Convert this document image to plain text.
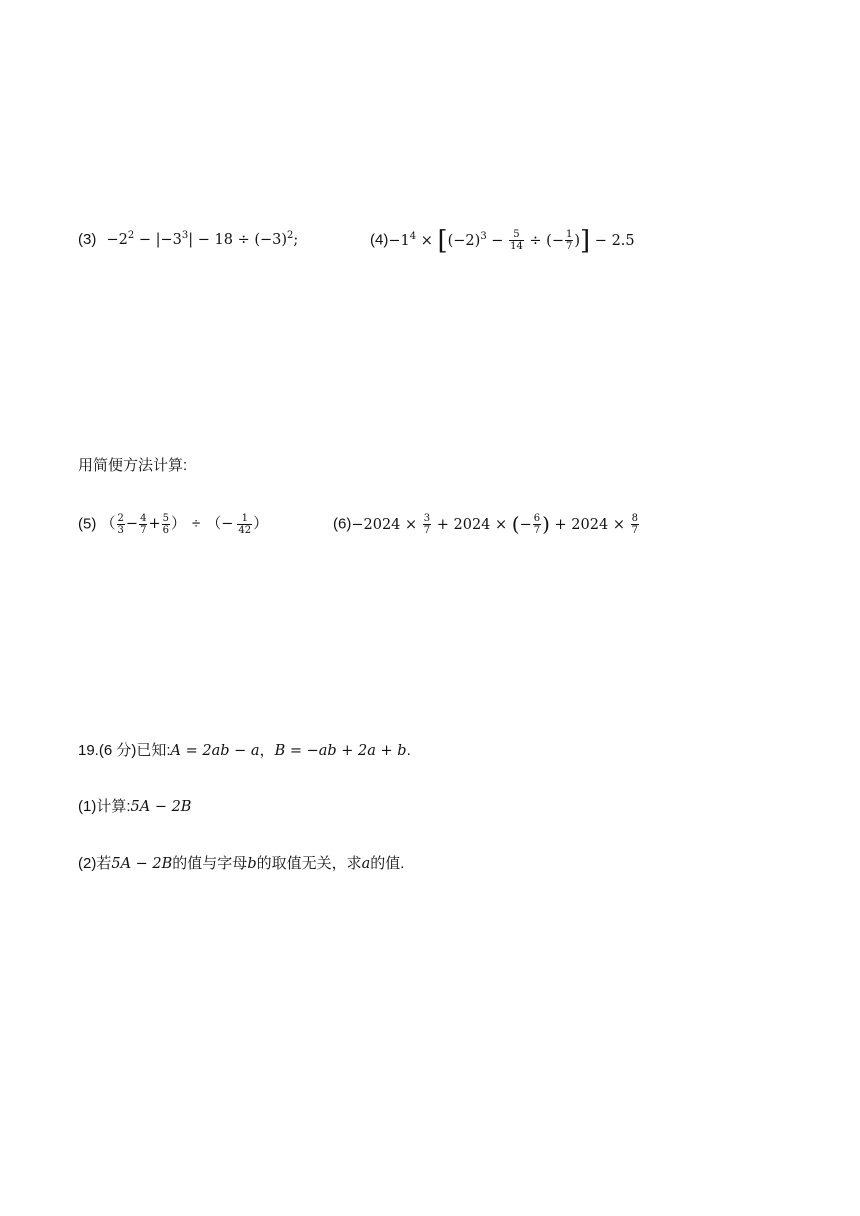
$(3) -2^2 - |-3^3| - 18 \div (-3)^2$;	$(4)-1^4 \times [(-2)^3 - \frac{5}{14}$ ÷ (− $\frac{1}{7}$ )] − 2.5
用简便方法计算:
(5) （ $\frac{2}{3} - \frac{4}{7} + \frac{5}{6}$ ） ÷ （− $\frac{1}{42}$ ）	$(6)-2024 \times \frac{3}{7} + 2024$ × (− $\frac{6}{7}$ ) + $2024 \times \frac{8}{7}$
19.(6 分)已知:A = 2ab − a，B = −ab + 2a + b.
(1)计算:5A − 2B
(2)若5A − 2B的值与字母b的取值无关，求a的值.
